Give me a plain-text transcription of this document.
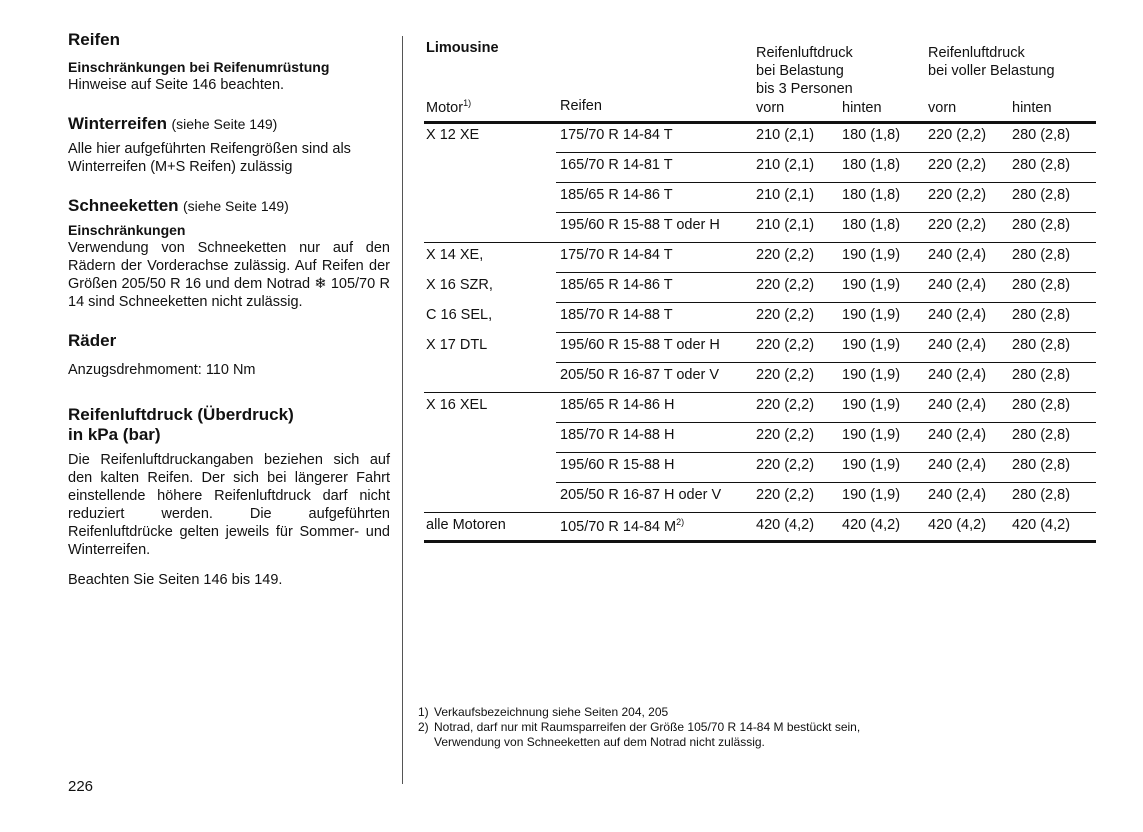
Reifen
Einschränkungen bei Reifenumrüstung
Hinweise auf Seite 146 beachten.
Winterreifen (siehe Seite 149)
Alle hier aufgeführten Reifengrößen sind als Winterreifen (M+S Reifen) zulässig
Schneeketten (siehe Seite 149)
Einschränkungen
Verwendung von Schneeketten nur auf den Rädern der Vorderachse zulässig. Auf Reifen der Größen 205/50 R 16 und dem Notrad ❄ 105/70 R 14 sind Schneeketten nicht zulässig.
Räder
Anzugsdrehmoment: 110 Nm
Reifenluftdruck (Überdruck)
in kPa (bar)
Die Reifenluftdruckangaben beziehen sich auf den kalten Reifen. Der sich bei längerer Fahrt einstellende höhere Reifenluftdruck darf nicht reduziert werden. Die aufgeführten Reifenluftdrücke gelten jeweils für Sommer- und Winterreifen.
Beachten Sie Seiten 146 bis 149.
226
Limousine	Reifenluftdruck
bei Belastung
bis 3 Personen
Reifenluftdruck
bei voller Belastung
Motor$^{1)}$	Reifen	vorn	hinten	vorn	hinten
X 12 XE	175/70 R 14-84 T	210 (2,1) 180 (1,8) 220 (2,2) 280 (2,8)
165/70 R 14-81 T	210 (2,1) 180 (1,8) 220 (2,2) 280 (2,8)
185/65 R 14-86 T	210 (2,1) 180 (1,8) 220 (2,2) 280 (2,8)
195/60 R 15-88 T oder H 210 (2,1) 180 (1,8) 220 (2,2) 280 (2,8)
X 14 XE,	175/70 R 14-84 T	220 (2,2) 190 (1,9) 240 (2,4) 280 (2,8)
X 16 SZR,	185/65 R 14-86 T	220 (2,2) 190 (1,9) 240 (2,4) 280 (2,8)
C 16 SEL,	185/70 R 14-88 T	220 (2,2) 190 (1,9) 240 (2,4) 280 (2,8)
X 17 DTL	195/60 R 15-88 T oder H 220 (2,2) 190 (1,9) 240 (2,4) 280 (2,8)
205/50 R 16-87 T oder V	220 (2,2) 190 (1,9) 240 (2,4) 280 (2,8)
X 16 XEL	185/65 R 14-86 H	220 (2,2) 190 (1,9) 240 (2,4) 280 (2,8)
185/70 R 14-88 H	220 (2,2) 190 (1,9) 240 (2,4) 280 (2,8)
195/60 R 15-88 H	220 (2,2) 190 (1,9) 240 (2,4) 280 (2,8)
205/50 R 16-87 H oder V 220 (2,2) 190 (1,9) 240 (2,4) 280 (2,8)
alle Motoren	105/70 R 14-84 $M^{2)}$	420 (4,2) 420 (4,2) 420 (4,2) 420 (4,2)
1) Verkaufsbezeichnung siehe Seiten 204, 205
2) Notrad, darf nur mit Raumsparreifen der Größe 105/70 R 14-84 M bestückt sein,
Verwendung von Schneeketten auf dem Notrad nicht zulässig.
